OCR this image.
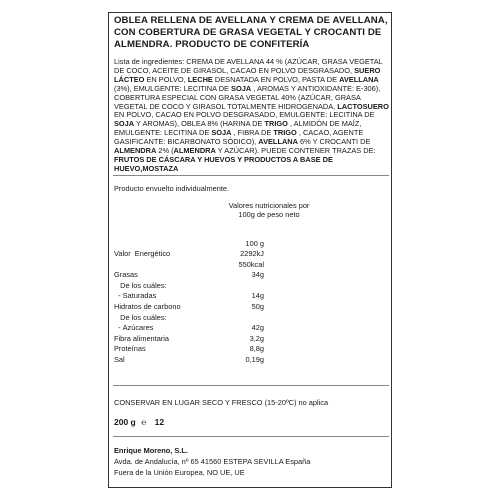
OBLEA RELLENA DE AVELLANA Y CREMA DE AVELLANA, CON COBERTURA DE GRASA VEGETAL Y CROCANTI DE ALMENDRA. PRODUCTO DE CONFITERÍA
Lista de ingredientes: CREMA DE AVELLANA 44 % (AZÚCAR, GRASA VEGETAL DE COCO, ACEITE DE GIRASOL, CACAO EN POLVO DESGRASADO, SUERO LÁCTEO EN POLVO, LECHE DESNATADA EN POLVO, PASTA DE AVELLANA (3%), EMULGENTE: LECITINA DE SOJA , AROMAS Y ANTIOXIDANTE: E-306), COBERTURA ESPECIAL CON GRASA VEGETAL 40% (AZÚCAR, GRASA VEGETAL DE COCO Y GIRASOL TOTALMENTE HIDROGENADA, LACTOSUERO EN POLVO, CACAO EN POLVO DESGRASADO, EMULGENTE: LECITINA DE SOJA Y AROMAS), OBLEA 8% (HARINA DE TRIGO , ALMIDÓN DE MAÍZ, EMULGENTE: LECITINA DE SOJA , FIBRA DE TRIGO , CACAO, AGENTE GASIFICANTE: BICARBONATO SÓDICO), AVELLANA 6% Y CROCANTI DE ALMENDRA 2% (ALMENDRA Y AZÚCAR). PUEDE CONTENER TRAZAS DE: FRUTOS DE CÁSCARA Y HUEVOS Y PRODUCTOS A BASE DE HUEVO,MOSTAZA
Producto envuelto individualmente.
Valores nutricionales por
100g de peso neto
100 g
Valor  Energético	2292kJ
550kcal
Grasas	34g
De los cuáles:
- Saturadas	14g
Hidratos de carbono	50g
De los cuáles:
- Azúcares	42g
Fibra alimentaria	3,2g
Proteínas	8,8g
Sal	0,19g
CONSERVAR EN LUGAR SECO Y FRESCO (15-20ºC) no aplica
200 g ℮ 12
Enrique Moreno, S.L.
Avda. de Andalucía, nº 65 41560 ESTEPA SEVILLA España
Fuera de la Unión Europea, NO UE, UE
